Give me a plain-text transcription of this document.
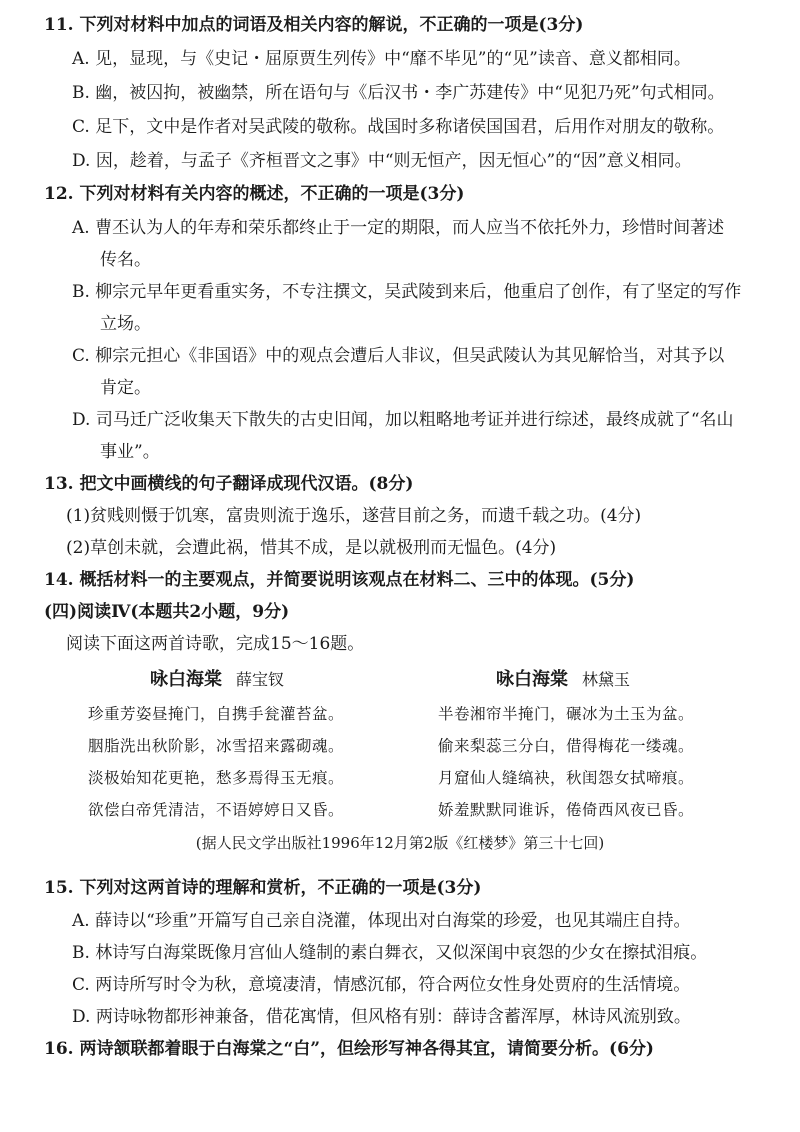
11. 下列对材料中加点的词语及相关内容的解说，不正确的一项是(3分)
A. 见，显现，与《史记・屈原贾生列传》中“靡不毕见”的“见”读音、意义都相同。
B. 幽，被囚拘，被幽禁，所在语句与《后汉书・李广苏建传》中“见犯乃死”句式相同。
C. 足下，文中是作者对吴武陵的敬称。战国时多称诸侯国国君，后用作对朋友的敬称。
D. 因，趁着，与孟子《齐桓晋文之事》中“则无恒产，因无恒心”的“因”意义相同。
12. 下列对材料有关内容的概述，不正确的一项是(3分)
A. 曹丕认为人的年寿和荣乐都终止于一定的期限，而人应当不依托外力，珍惜时间著述
传名。
B. 柳宗元早年更看重实务，不专注撰文，吴武陵到来后，他重启了创作，有了坚定的写作
立场。
C. 柳宗元担心《非国语》中的观点会遭后人非议，但吴武陵认为其见解恰当，对其予以
肯定。
D. 司马迁广泛收集天下散失的古史旧闻，加以粗略地考证并进行综述，最终成就了“名山
事业”。
13. 把文中画横线的句子翻译成现代汉语。(8分)
(1)贫贱则慑于饥寒，富贵则流于逸乐，遂营目前之务，而遗千载之功。(4分)
(2)草创未就，会遭此祸，惜其不成，是以就极刑而无愠色。(4分)
14. 概括材料一的主要观点，并简要说明该观点在材料二、三中的体现。(5分)
(四)阅读Ⅳ(本题共2小题，9分)
阅读下面这两首诗歌，完成15～16题。
咏白海棠 薛宝钗
珍重芳姿昼掩门，自携手瓮灌苔盆。
胭脂洗出秋阶影，冰雪招来露砌魂。
淡极始知花更艳，愁多焉得玉无痕。
欲偿白帝凭清洁，不语婷婷日又昏。
咏白海棠 林黛玉
半卷湘帘半掩门，碾冰为土玉为盆。
偷来梨蕊三分白，借得梅花一缕魂。
月窟仙人缝缟袂，秋闺怨女拭啼痕。
娇羞默默同谁诉，倦倚西风夜已昏。
(据人民文学出版社1996年12月第2版《红楼梦》第三十七回)
15. 下列对这两首诗的理解和赏析，不正确的一项是(3分)
A. 薛诗以“珍重”开篇写自己亲自浇灌，体现出对白海棠的珍爱，也见其端庄自持。
B. 林诗写白海棠既像月宫仙人缝制的素白舞衣，又似深闺中哀怨的少女在擦拭泪痕。
C. 两诗所写时令为秋，意境凄清，情感沉郁，符合两位女性身处贾府的生活情境。
D. 两诗咏物都形神兼备，借花寓情，但风格有别：薛诗含蓄浑厚，林诗风流别致。
16. 两诗颔联都着眼于白海棠之“白”，但绘形写神各得其宜，请简要分析。(6分)
